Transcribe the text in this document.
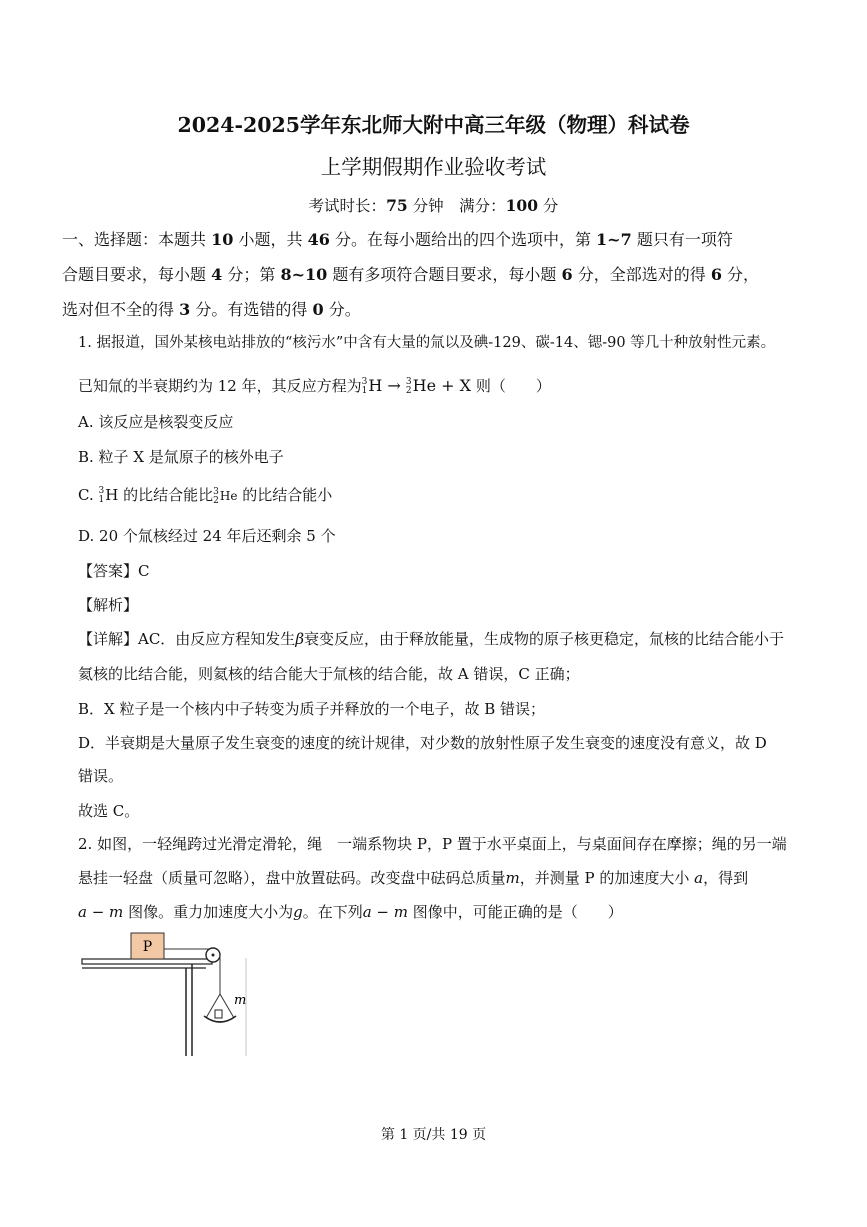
2024-2025学年东北师大附中高三年级（物理）科试卷
上学期假期作业验收考试
考试时长：75 分钟　 满分：100 分
一、选择题：本题共 10 小题，共 46 分。在每小题给出的四个选项中，第 1~7 题只有一项符
合题目要求，每小题 4 分；第 8~10 题有多项符合题目要求，每小题 6 分，全部选对的得 6 分，
选对但不全的得 3 分。有选错的得 0 分。
1. 据报道，国外某核电站排放的“核污水”中含有大量的氚以及碘-129、碳-14、锶-90 等几十种放射性元素。
已知氚的半衰期约为 12 年，其反应方程为 3
1 H → 3
2 He + X 则（　　）
A. 该反应是核裂变反应
B. 粒子 X 是氚原子的核外电子
C. 3
1 H 的比结合能比 3
2 He 的比结合能小
D. 20 个氚核经过 24 年后还剩余 5 个
【答案】C
【解析】
【详解】AC．由反应方程知发生β衰变反应，由于释放能量，生成物的原子核更稳定，氚核的比结合能小于
氦核的比结合能，则氦核的结合能大于氚核的结合能，故 A 错误，C 正确；
B．X 粒子是一个核内中子转变为质子并释放的一个电子，故 B 错误；
D．半衰期是大量原子发生衰变的速度的统计规律，对少数的放射性原子发生衰变的速度没有意义，故 D
错误。
故选 C。
2. 如图，一轻绳跨过光滑定滑轮，绳　一端系物块 P，P 置于水平桌面上，与桌面间存在摩擦；绳的另一端
悬挂一轻盘（质量可忽略），盘中放置砝码。改变盘中砝码总质量m，并测量 P 的加速度大小 a，得到
a − m 图像。重力加速度大小为g。在下列a − m 图像中，可能正确的是（　　）
P
m
第 1 页/共 19 页
